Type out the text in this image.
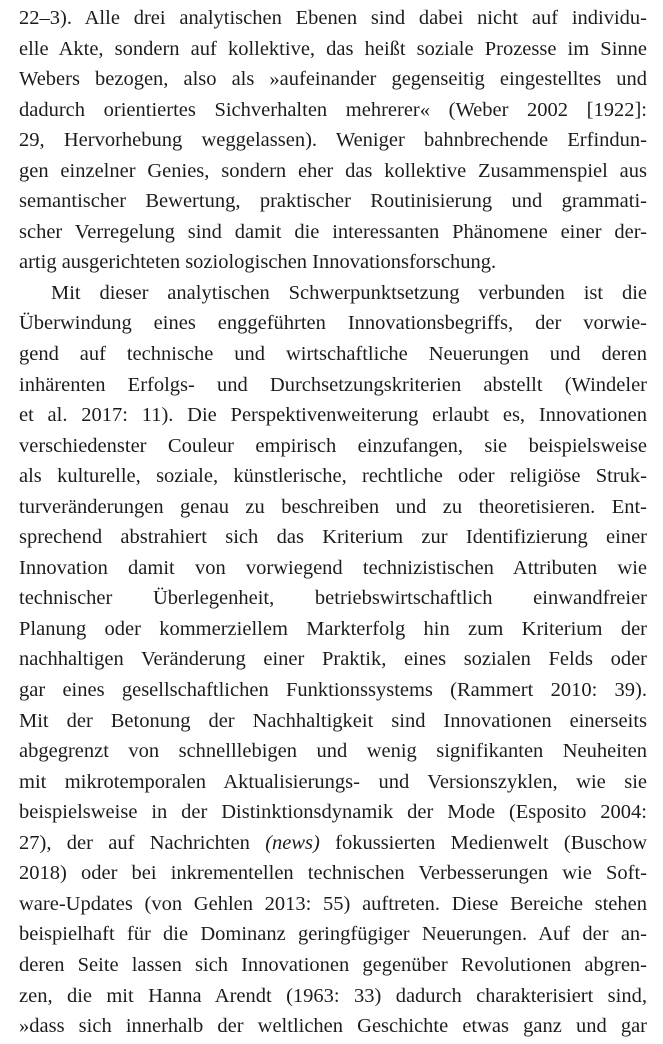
22–3). Alle drei analytischen Ebenen sind dabei nicht auf individu-
elle Akte, sondern auf kollektive, das heißt soziale Prozesse im Sinne
Webers bezogen, also als »aufeinander gegenseitig eingestelltes und
dadurch orientiertes Sichverhalten mehrerer« (Weber 2002 [1922]:
29, Hervorhebung weggelassen). Weniger bahnbrechende Erfindun-
gen einzelner Genies, sondern eher das kollektive Zusammenspiel aus
semantischer Bewertung, praktischer Routinisierung und grammati-
scher Verregelung sind damit die interessanten Phänomene einer der-
artig ausgerichteten soziologischen Innovationsforschung.
Mit dieser analytischen Schwerpunktsetzung verbunden ist die
Überwindung eines enggeführten Innovationsbegriffs, der vorwie-
gend auf technische und wirtschaftliche Neuerungen und deren
inhärenten Erfolgs- und Durchsetzungskriterien abstellt (Windeler
et al. 2017: 11). Die Perspektivenweiterung erlaubt es, Innovationen
verschiedenster Couleur empirisch einzufangen, sie beispielsweise
als kulturelle, soziale, künstlerische, rechtliche oder religiöse Struk-
turveränderungen genau zu beschreiben und zu theoretisieren. Ent-
sprechend abstrahiert sich das Kriterium zur Identifizierung einer
Innovation damit von vorwiegend technizistischen Attributen wie
technischer Überlegenheit, betriebswirtschaftlich einwandfreier
Planung oder kommerziellem Markterfolg hin zum Kriterium der
nachhaltigen Veränderung einer Praktik, eines sozialen Felds oder
gar eines gesellschaftlichen Funktionssystems (Rammert 2010: 39).
Mit der Betonung der Nachhaltigkeit sind Innovationen einerseits
abgegrenzt von schnelllebigen und wenig signifikanten Neuheiten
mit mikrotemporalen Aktualisierungs- und Versionszyklen, wie sie
beispielsweise in der Distinktionsdynamik der Mode (Esposito 2004:
27), der auf Nachrichten (news) fokussierten Medienwelt (Buschow
2018) oder bei inkrementellen technischen Verbesserungen wie Soft-
ware-Updates (von Gehlen 2013: 55) auftreten. Diese Bereiche stehen
beispielhaft für die Dominanz geringfügiger Neuerungen. Auf der an-
deren Seite lassen sich Innovationen gegenüber Revolutionen abgren-
zen, die mit Hanna Arendt (1963: 33) dadurch charakterisiert sind,
»dass sich innerhalb der weltlichen Geschichte etwas ganz und gar
